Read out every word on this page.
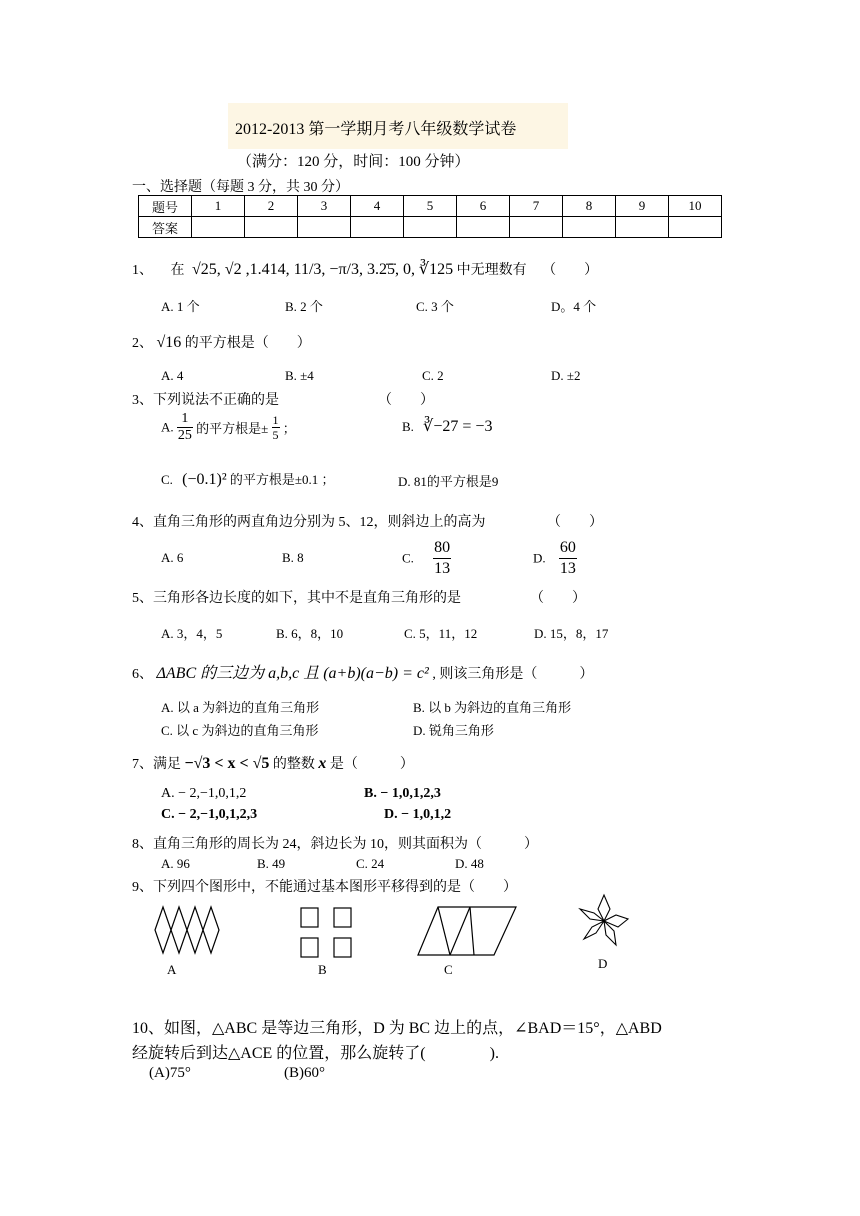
2012-2013 第一学期月考八年级数学试卷
（满分：120 分，时间：100 分钟）
一、选择题（每题 3 分，共 30 分）
题号	1	2	3	4	5	6	7	8	9	10
答案										
1、 在 √25, √2 ,1.414, 11/3, −π/3, 3.2̇5̇, 0, ∛125 中无理数有 （　　）
A. 1 个	B. 2 个	C. 3 个	D。4 个
2、 √16 的平方根是（　　）
A. 4	B. ±4	C. 2	D. ±2
3、下列说法不正确的是	（　　）
A. $\frac{1}{25}$ 的平方根是± $\frac{1}{5}$ ；	B. ∛−27 = −3
C. (−0.1)² 的平方根是±0.1 ；	D. 81的平方根是9
4、直角三角形的两直角边分别为 5、12，则斜边上的高为	（　　）
A. 6	B. 8	C. $\frac{80}{13}$	D. $\frac{60}{13}$
5、三角形各边长度的如下，其中不是直角三角形的是	（　　）
A. 3，4，5	B. 6，8，10	C. 5，11，12	D. 15，8，17
6、 ΔABC 的三边为 a,b,c 且 (a+b)(a−b) = c² , 则该三角形是（　　　）
A. 以 a 为斜边的直角三角形	B. 以 b 为斜边的直角三角形
C. 以 c 为斜边的直角三角形	D. 锐角三角形
7、满足 −√3 < x < √5 的整数 x 是（　　　）
A. − 2,−1,0,1,2	B. − 1,0,1,2,3
C. − 2,−1,0,1,2,3	D. − 1,0,1,2
8、直角三角形的周长为 24，斜边长为 10，则其面积为（　　　）
A. 96	B. 49	C. 24	D. 48
9、下列四个图形中，不能通过基本图形平移得到的是（　　）
A	B	C	D
10、如图，△ABC 是等边三角形，D 为 BC 边上的点，∠BAD＝15°，△ABD
经旋转后到达△ACE 的位置，那么旋转了(　　　　).
(A)75°	(B)60°
